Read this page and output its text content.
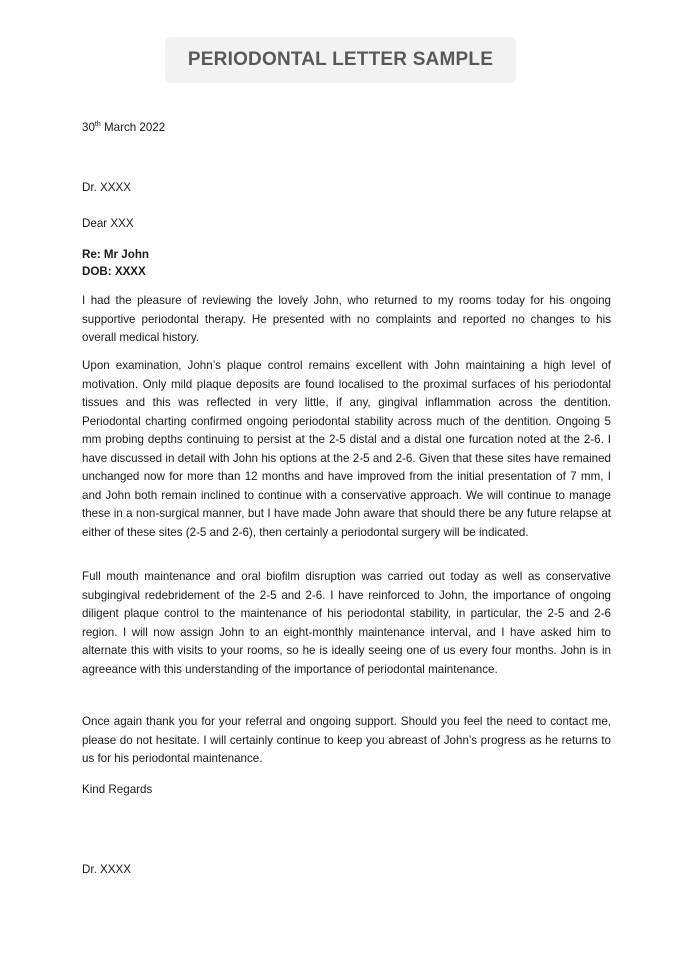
PERIODONTAL LETTER SAMPLE
30th March 2022
Dr. XXXX
Dear XXX
Re: Mr John
DOB: XXXX

I had the pleasure of reviewing the lovely John, who returned to my rooms today for his ongoing supportive periodontal therapy. He presented with no complaints and reported no changes to his overall medical history.

Upon examination, John’s plaque control remains excellent with John maintaining a high level of motivation. Only mild plaque deposits are found localised to the proximal surfaces of his periodontal tissues and this was reflected in very little, if any, gingival inflammation across the dentition. Periodontal charting confirmed ongoing periodontal stability across much of the dentition. Ongoing 5 mm probing depths continuing to persist at the 2-5 distal and a distal one furcation noted at the 2-6. I have discussed in detail with John his options at the 2-5 and 2-6. Given that these sites have remained unchanged now for more than 12 months and have improved from the initial presentation of 7 mm, I and John both remain inclined to continue with a conservative approach. We will continue to manage these in a non-surgical manner, but I have made John aware that should there be any future relapse at either of these sites (2-5 and 2-6), then certainly a periodontal surgery will be indicated.

Full mouth maintenance and oral biofilm disruption was carried out today as well as conservative subgingival redebridement of the 2-5 and 2-6. I have reinforced to John, the importance of ongoing diligent plaque control to the maintenance of his periodontal stability, in particular, the 2-5 and 2-6 region. I will now assign John to an eight-monthly maintenance interval, and I have asked him to alternate this with visits to your rooms, so he is ideally seeing one of us every four months. John is in agreeance with this understanding of the importance of periodontal maintenance.

Once again thank you for your referral and ongoing support. Should you feel the need to contact me, please do not hesitate. I will certainly continue to keep you abreast of John’s progress as he returns to us for his periodontal maintenance.

Kind Regards
Dr. XXXX
